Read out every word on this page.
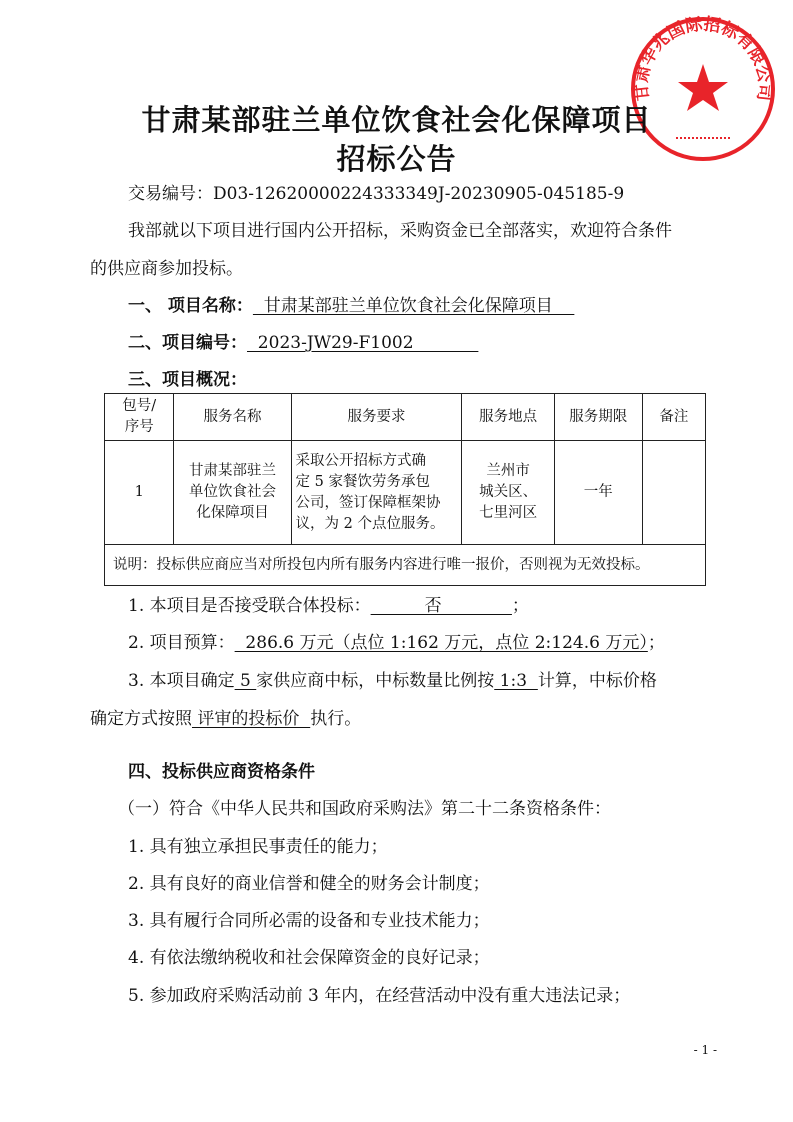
甘肃华兆国际招标有限公司
甘肃某部驻兰单位饮食社会化保障项目
招标公告
交易编号：D03-12620000224333349J-20230905-045185-9
我部就以下项目进行国内公开招标，采购资金已全部落实，欢迎符合条件
的供应商参加投标。
一、 项目名称：  甘肃某部驻兰单位饮食社会化保障项目
二、项目编号：  2023-JW29-F1002
三、项目概况：
包号/
序号	服务名称	服务要求	服务地点	服务期限	备注
1	甘肃某部驻兰
单位饮食社会
化保障项目	采取公开招标方式确
定 5 家餐饮劳务承包
公司，签订保障框架协
议，为 2 个点位服务。	兰州市
城关区、
七里河区	一年	
说明：投标供应商应当对所投包内所有服务内容进行唯一报价，否则视为无效投标。					
1. 本项目是否接受联合体投标：          否             ；
2. 项目预算：  286.6 万元（点位 1:162 万元，点位 2:124.6 万元）；
3. 本项目确定 5 家供应商中标，中标数量比例按 1:3  计算，中标价格
确定方式按照 评审的投标价  执行。
四、投标供应商资格条件
（一）符合《中华人民共和国政府采购法》第二十二条资格条件：
1. 具有独立承担民事责任的能力；
2. 具有良好的商业信誉和健全的财务会计制度；
3. 具有履行合同所必需的设备和专业技术能力；
4. 有依法缴纳税收和社会保障资金的良好记录；
5. 参加政府采购活动前 3 年内，在经营活动中没有重大违法记录；
- 1 -
